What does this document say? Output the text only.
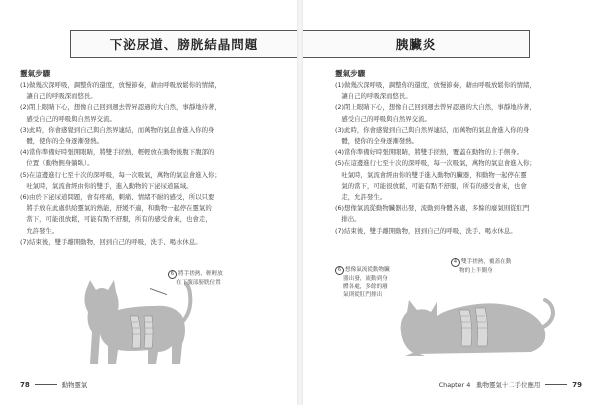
下泌尿道、膀胱結晶問題
靈氣步驟
(1)做幾次深呼吸，調整你的還度，放慢節奏，藉由呼吸放鬆你的情緒，
　讓自己的呼吸深而悠長。
(2)閉上眼睛下心，想像自己回到週去曾昇認過的大自然，事靜地待著，
　感受自己的呼吸與自然界交流。
(3)此時，你會感覺到自己與自然界連結，而萬物的氣息會進入你的身
　體，使你的全身逐漸發熱。
(4)當你準備好時張開眼睛，將雙手搓熱，輕輕放在動物後腹下腹部的
　位置（動物側身躺臥）。
(5)在這邊進行七至十次的深呼吸，每一次吸氣，萬物的氣息會進入你；
　吐氣時，氣流會經由你的雙手，進入動物的下泌尿道區域。
(6)由於下泌尿道問題，會有疼痛，刺痛、情緒不耐的感受，所以只要
　將手放在此處供給靈氣的熱能，舒緩不適，和動物一起停在靈氣的
　當下，可能很放鬆，可能有點不舒服，所有的感受會來，也會走，
　允許發生。
(7)結束後，雙手離開動物，回到自己的呼吸，洗手、喝水休息。
6 將手搓熱，輕輕放
在下腹部膀胱位置
78	動物靈氣
胰臟炎
靈氣步驟
(1)做幾次深呼吸，調整你的還度，放慢節奏，藉由呼吸放鬆你的情緒，
　讓自己的呼吸深而悠長。
(2)閉上眼睛下心，想像自己回到週去曾昇認過的大自然，事靜地待著，
　感受自己的呼吸與自然界交流。
(3)此時，你會感覺到自己與自然界連結，而萬物的氣息會進入你的身
　體，使你的全身逐漸發熱。
(4)當你準備好時張開眼睛，將雙手搓熱，覆蓋在動物的上手側身。
(5)在這邊進行七至十次的深呼吸，每一次吸氣，萬物的氣息會進入你；
　吐氣時，氣流會經由你的雙手進入動物的臟器，和動物一起停在靈
　氣的當下，可能很放鬆，可能有點不舒服，所有的感受會來，也會
　走，允許發生。
(6)想像氣流從動物臟器出發，流動到身體各處，多餘的廢氣則從肛門
　排出。
(7)結束後，雙手離開動物，回到自己的呼吸，洗手、喝水休息。
4 雙手搓熱，覆蓋在動
物的上半側身
6 想像氣流從動物臟
器出發，流動到身
體各處，多餘的廢
氣則從肛門排出
Chapter 4 動物靈氣十二手位應用	79
